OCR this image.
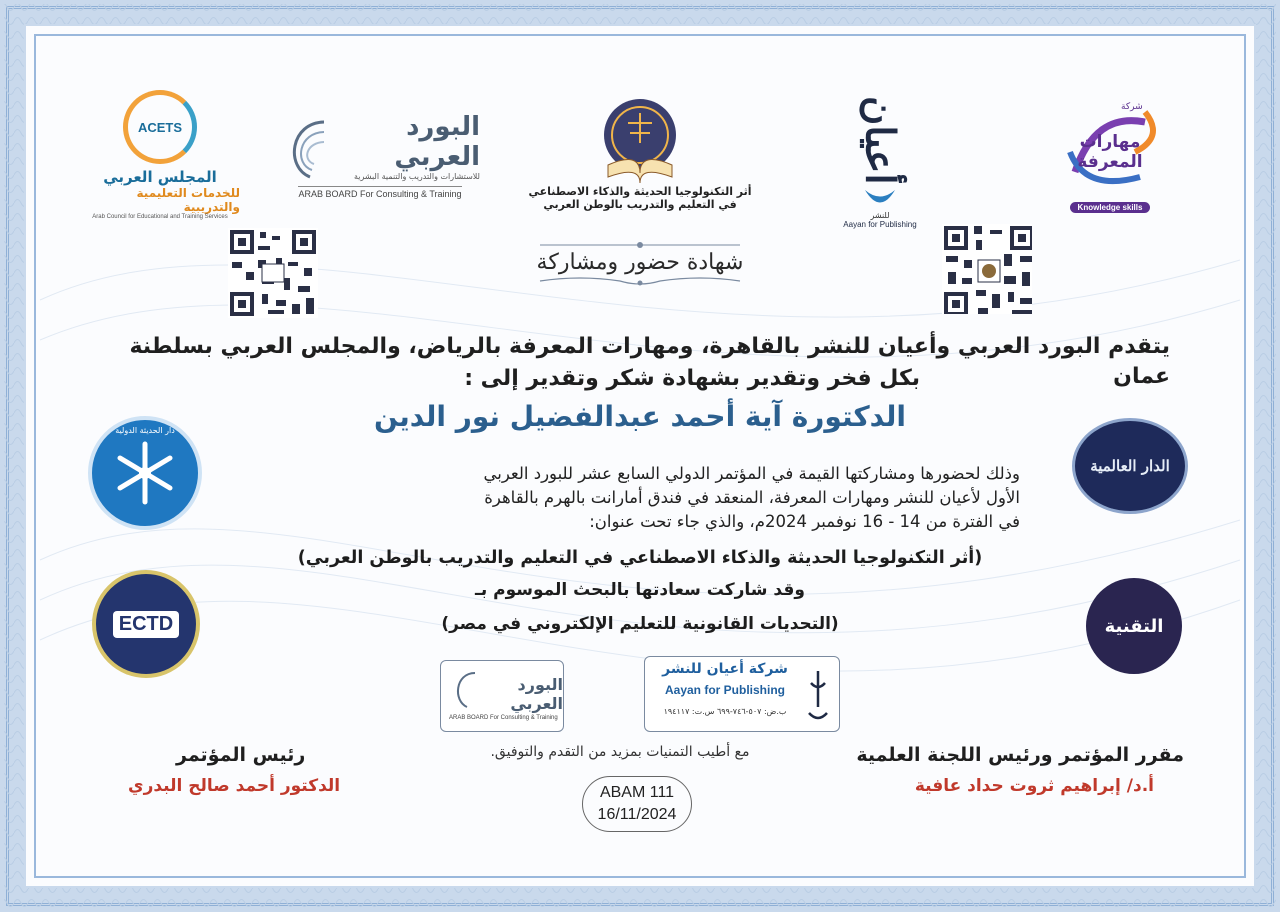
ACETS
المجلس العربي
للخدمات التعليمية والتدريبية
Arab Council for Educational and Training Services
البورد العربي
للاستشارات والتدريب والتنمية البشرية
ARAB BOARD For Consulting & Training	أثر التكنولوجيا الحديثة والذكاء الاصطناعي
في التعليم والتدريب بالوطن العربي
أعيان
للنشر
Aayan for Publishing
مهارات المعرفة
شركة
Knowledge skills
شهادة حضور ومشاركة
يتقدم البورد العربي وأعيان للنشر بالقاهرة، ومهارات المعرفة بالرياض، والمجلس العربي بسلطنة عمان
بكل فخر وتقدير بشهادة شكر وتقدير إلى :
الدكتورة آية أحمد عبدالفضيل نور الدين
وذلك لحضورها ومشاركتها القيمة في المؤتمر الدولي السابع عشر للبورد العربي
الأول لأعيان للنشر ومهارات المعرفة، المنعقد في فندق أمارانت بالهرم بالقاهرة
في الفترة من 14 - 16 نوفمبر 2024م، والذي جاء تحت عنوان:
(أثر التكنولوجيا الحديثة والذكاء الاصطناعي في التعليم والتدريب بالوطن العربي)
وقد شاركت سعادتها بالبحث الموسوم بـ
(التحديات القانونية للتعليم الإلكتروني في مصر)
دار الحديثة الدولية
ECTD
الدار العالمية
التقنية
البورد العربي
ARAB BOARD For Consulting & Training
شركة أعيان للنشر
Aayan for Publishing
ب.ض: ٥٠٧-٧٤٦-٦٩٩ س.ت: ١٩٤١١٧
مع أطيب التمنيات بمزيد من التقدم والتوفيق.
ABAM 111
16/11/2024
مقرر المؤتمر ورئيس اللجنة العلمية
أ.د/ إبراهيم ثروت حداد عافية
رئيس المؤتمر
الدكتور أحمد صالح البدري
